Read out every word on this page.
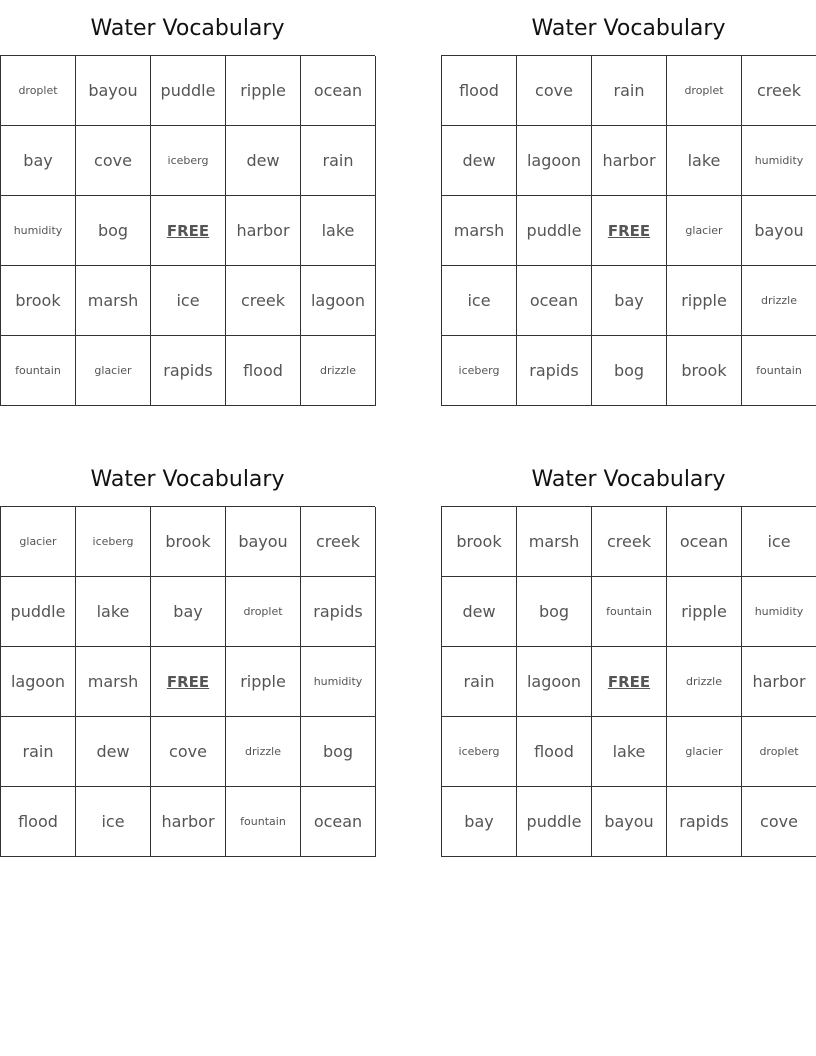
Water Vocabulary
droplet	bayou	puddle	ripple	ocean
bay	cove	iceberg	dew	rain
humidity	bog	FREE	harbor	lake
brook	marsh	ice	creek	lagoon
fountain	glacier	rapids	flood	drizzle
Water Vocabulary
flood	cove	rain	droplet	creek
dew	lagoon	harbor	lake	humidity
marsh	puddle	FREE	glacier	bayou
ice	ocean	bay	ripple	drizzle
iceberg	rapids	bog	brook	fountain
Water Vocabulary
glacier	iceberg	brook	bayou	creek
puddle	lake	bay	droplet	rapids
lagoon	marsh	FREE	ripple	humidity
rain	dew	cove	drizzle	bog
flood	ice	harbor	fountain	ocean
Water Vocabulary
brook	marsh	creek	ocean	ice
dew	bog	fountain	ripple	humidity
rain	lagoon	FREE	drizzle	harbor
iceberg	flood	lake	glacier	droplet
bay	puddle	bayou	rapids	cove
